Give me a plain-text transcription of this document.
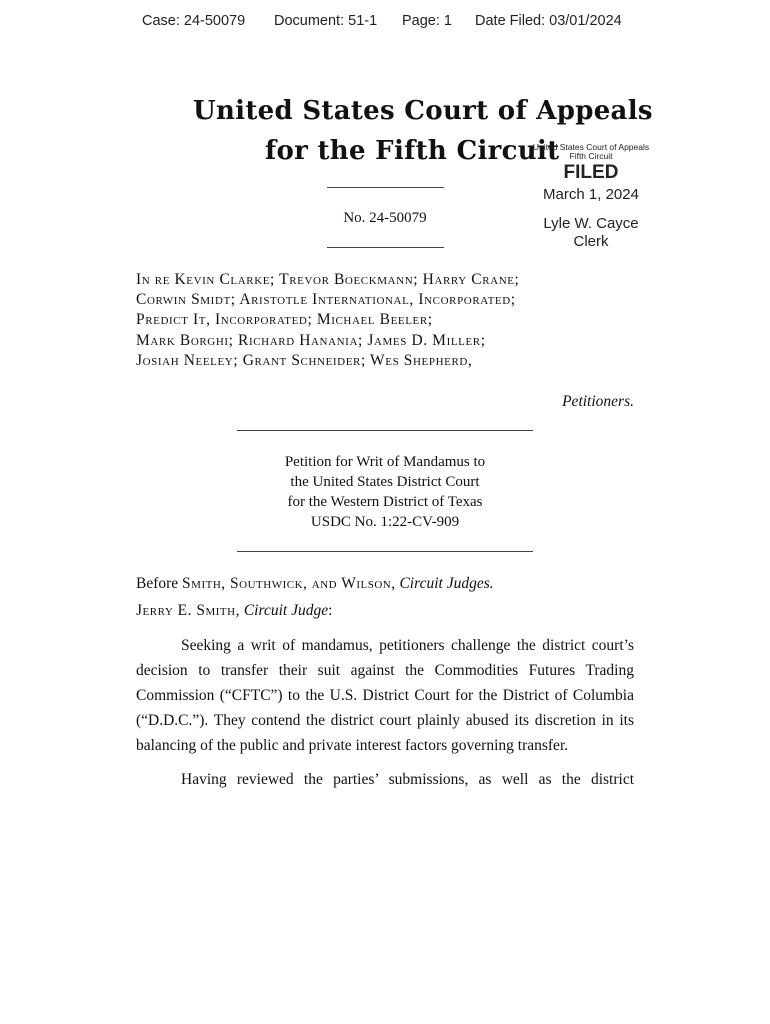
Case: 24-50079 Document: 51-1 Page: 1 Date Filed: 03/01/2024
United States Court of Appeals
for the Fifth Circuit
United States Court of Appeals
Fifth Circuit
FILED
March 1, 2024
Lyle W. Cayce
Clerk
No. 24-50079
In re Kevin Clarke; Trevor Boeckmann; Harry Crane;
Corwin Smidt; Aristotle International, Incorporated;
Predict It, Incorporated; Michael Beeler;
Mark Borghi; Richard Hanania; James D. Miller;
Josiah Neeley; Grant Schneider; Wes Shepherd,
Petitioners.
Petition for Writ of Mandamus to
the United States District Court
for the Western District of Texas
USDC No. 1:22-CV-909
Before Smith, Southwick, and Wilson, Circuit Judges.
Jerry E. Smith, Circuit Judge:

Seeking a writ of mandamus, petitioners challenge the district court’s decision to transfer their suit against the Commodities Futures Trading Commission (“CFTC”) to the U.S. District Court for the District of Columbia (“D.D.C.”). They contend the district court plainly abused its discretion in its balancing of the public and private interest factors governing transfer.

Having reviewed the parties’ submissions, as well as the district
